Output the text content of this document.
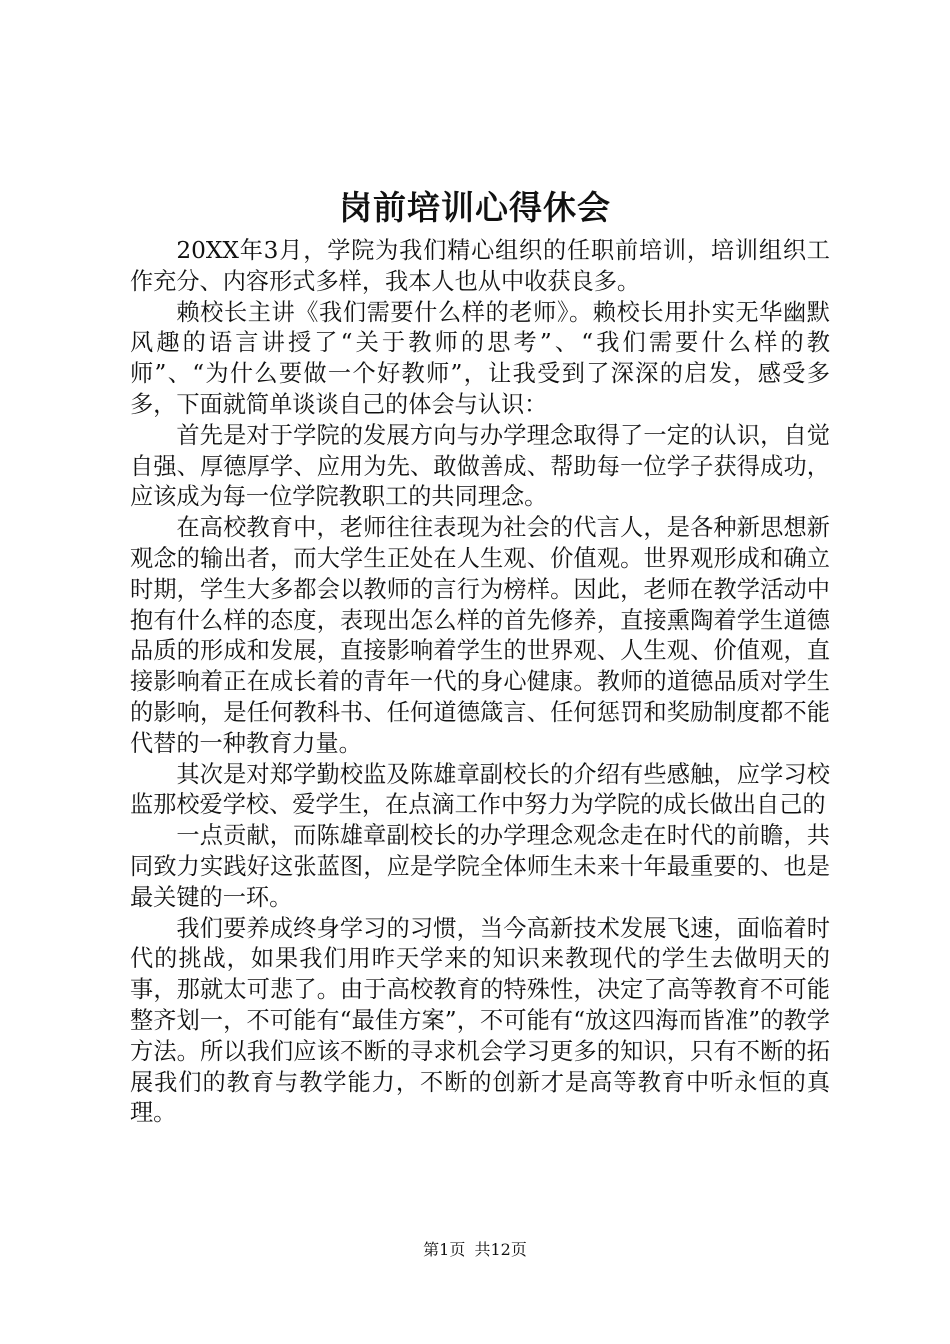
岗前培训心得休会

20XX年3月，学院为我们精心组织的任职前培训，培训组织工作充分、内容形式多样，我本人也从中收获良多。

赖校长主讲《我们需要什么样的老师》。赖校长用扑实无华幽默风趣的语言讲授了“关于教师的思考”、“我们需要什么样的教师”、“为什么要做一个好教师”，让我受到了深深的启发，感受多多，下面就简单谈谈自己的体会与认识：

首先是对于学院的发展方向与办学理念取得了一定的认识，自觉自强、厚德厚学、应用为先、敢做善成、帮助每一位学子获得成功，应该成为每一位学院教职工的共同理念。

在高校教育中，老师往往表现为社会的代言人，是各种新思想新观念的输出者，而大学生正处在人生观、价值观。世界观形成和确立时期，学生大多都会以教师的言行为榜样。因此，老师在教学活动中抱有什么样的态度，表现出怎么样的首先修养，直接熏陶着学生道德品质的形成和发展，直接影响着学生的世界观、人生观、价值观，直接影响着正在成长着的青年一代的身心健康。教师的道德品质对学生的影响，是任何教科书、任何道德箴言、任何惩罚和奖励制度都不能代替的一种教育力量。

其次是对郑学勤校监及陈雄章副校长的介绍有些感触，应学习校监那校爱学校、爱学生，在点滴工作中努力为学院的成长做出自己的

一点贡献，而陈雄章副校长的办学理念观念走在时代的前瞻，共同致力实践好这张蓝图，应是学院全体师生未来十年最重要的、也是最关键的一环。

我们要养成终身学习的习惯，当今高新技术发展飞速，面临着时代的挑战，如果我们用昨天学来的知识来教现代的学生去做明天的事，那就太可悲了。由于高校教育的特殊性，决定了高等教育不可能整齐划一，不可能有“最佳方案”，不可能有“放这四海而皆准”的教学方法。所以我们应该不断的寻求机会学习更多的知识，只有不断的拓展我们的教育与教学能力，不断的创新才是高等教育中听永恒的真理。

第1页 共12页
